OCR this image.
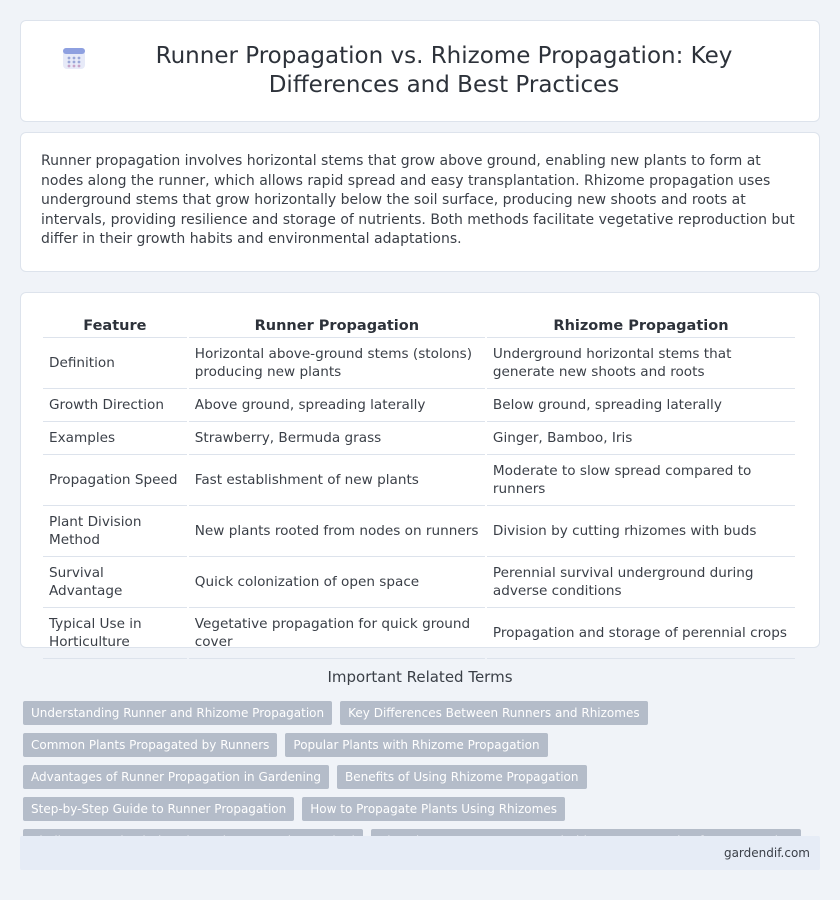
Runner Propagation vs. Rhizome Propagation: Key Differences and Best Practices

Runner propagation involves horizontal stems that grow above ground, enabling new plants to form at nodes along the runner, which allows rapid spread and easy transplantation. Rhizome propagation uses underground stems that grow horizontally below the soil surface, producing new shoots and roots at intervals, providing resilience and storage of nutrients. Both methods facilitate vegetative reproduction but differ in their growth habits and environmental adaptations.

Feature	Runner Propagation	Rhizome Propagation
Definition	Horizontal above-ground stems (stolons) producing new plants	Underground horizontal stems that generate new shoots and roots
Growth Direction	Above ground, spreading laterally	Below ground, spreading laterally
Examples	Strawberry, Bermuda grass	Ginger, Bamboo, Iris
Propagation Speed	Fast establishment of new plants	Moderate to slow spread compared to runners
Plant Division Method	New plants rooted from nodes on runners	Division by cutting rhizomes with buds
Survival Advantage	Quick colonization of open space	Perennial survival underground during adverse conditions
Typical Use in Horticulture	Vegetative propagation for quick ground cover	Propagation and storage of perennial crops
Important Related Terms
Understanding Runner and Rhizome Propagation	Key Differences Between Runners and Rhizomes
Common Plants Propagated by Runners	Popular Plants with Rhizome Propagation
Advantages of Runner Propagation in Gardening	Benefits of Using Rhizome Propagation
Step-by-Step Guide to Runner Propagation	How to Propagate Plants Using Rhizomes
gardendif.com
